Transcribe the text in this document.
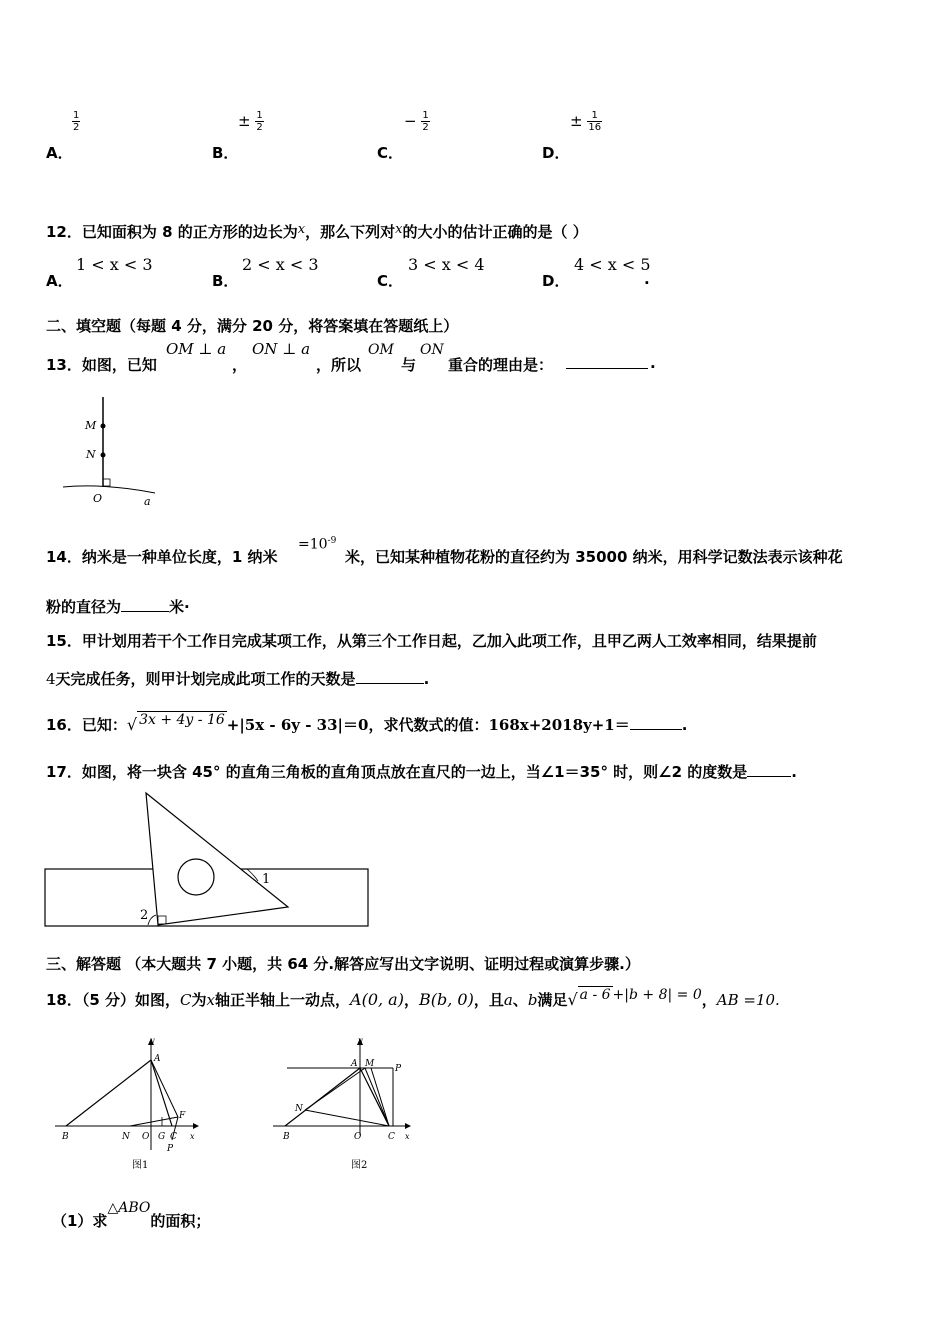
A．
$\frac{1}{2}$
B．
± $\frac{1}{2}$
C．
− $\frac{1}{2}$
D．
± $\frac{1}{16}$
12．已知面积为 8 的正方形的边长为x，那么下列对x的大小的估计正确的是（ ）
A．
1 < x < 3
B．
2 < x < 3
C．
3 < x < 4
D．
4 < x < 5
.
二、填空题（每题 4 分，满分 20 分，将答案填在答题纸上）
13．如图，已知
OM ⊥ a
，
ON ⊥ a
，所以
OM
与
ON
重合的理由是：	.
M
N
O	a
14．纳米是一种单位长度，1 纳米
$=10^{-9}$
米，已知某种植物花粉的直径约为 35000 纳米，用科学记数法表示该种花
粉的直径为	米·
15．甲计划用若干个工作日完成某项工作，从第三个工作日起，乙加入此项工作，且甲乙两人工效率相同，结果提前
4天完成任务，则甲计划完成此项工作的天数是	.
16．已知：√ 3x + 4y - 16 +|5x - 6y - 33|＝0，求代数式的值：168x+2018y+1＝	.
17．如图，将一块含 45° 的直角三角板的直角顶点放在直尺的一边上，当∠1＝35° 时，则∠2 的度数是	.
1
2
三、解答题 （本大题共 7 小题，共 64 分.解答应写出文字说明、证明过程或演算步骤.）
18．（5 分）如图，C为x轴正半轴上一动点，A(0, a)，B(b, 0)，且a、b满足√ a - 6 +|b + 8| = 0，AB =10.
y
A
B	N O G C
F
P
x
图1
y
A M P
N
B	O	C x
图2
（1）求△ABO的面积；
